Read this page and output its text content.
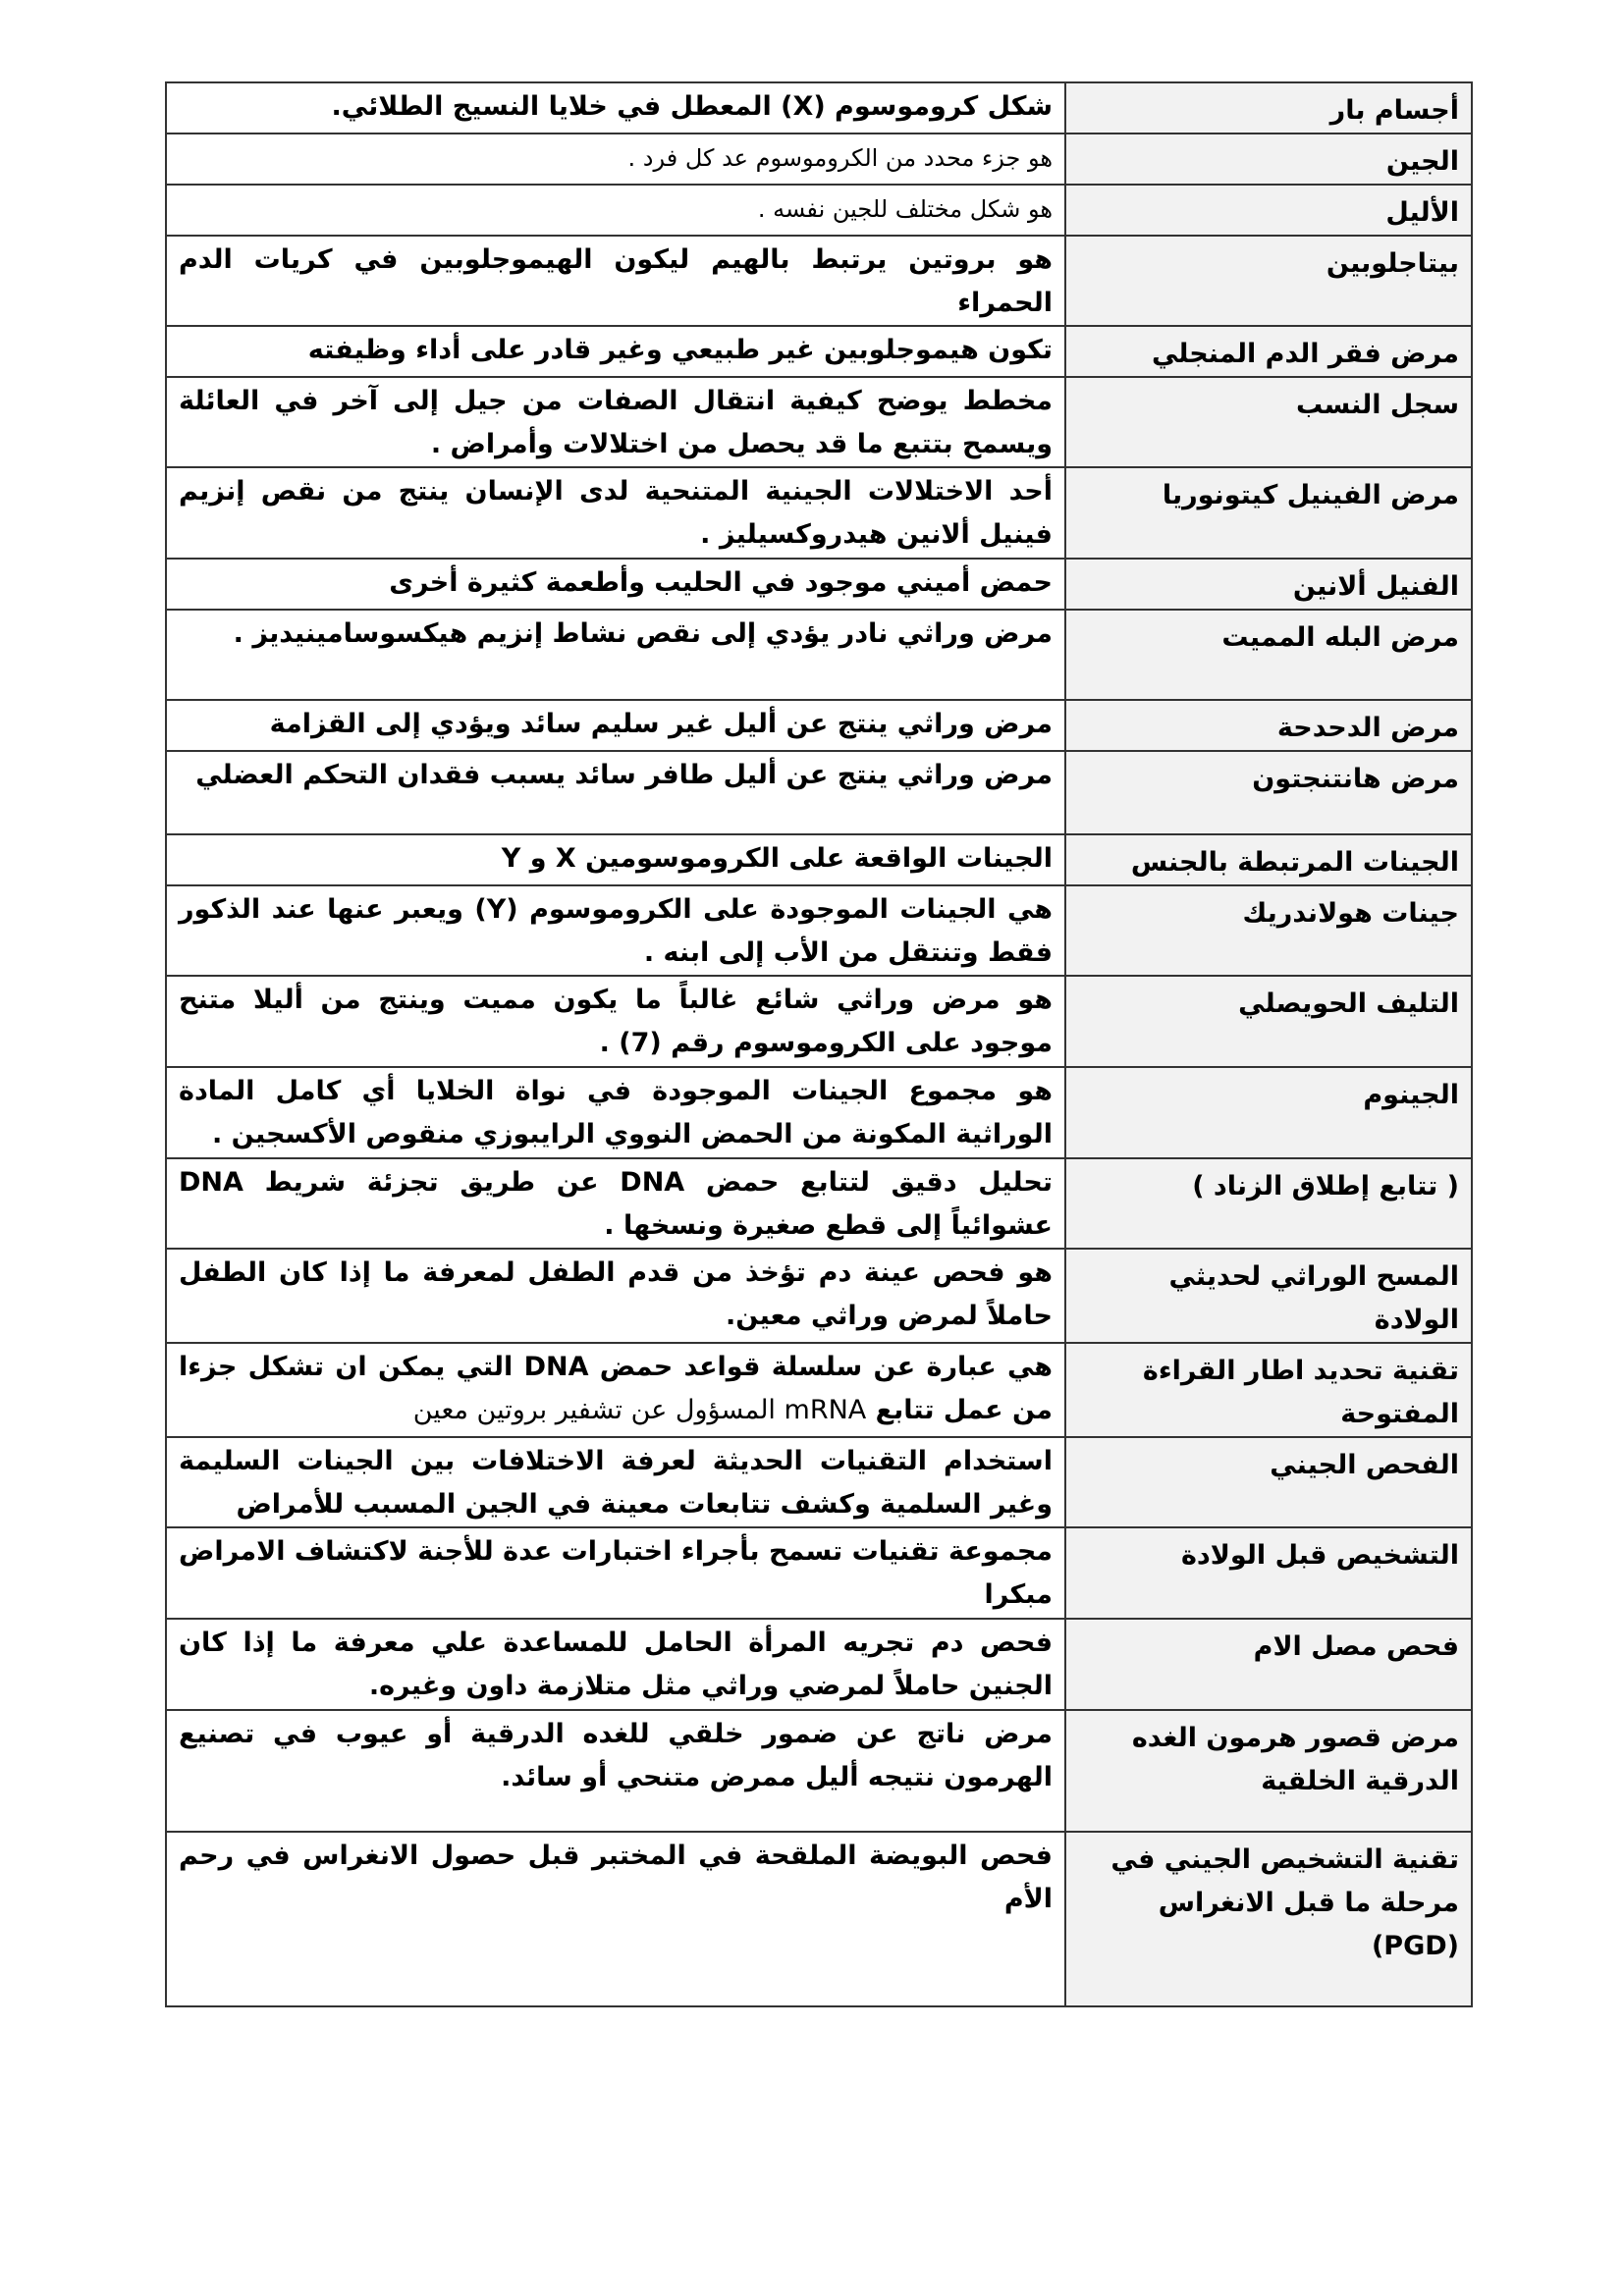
أجسام بار	شكل كروموسوم (X) المعطل في خلايا النسيج الطلائي.
الجين	هو جزء محدد من الكروموسوم عد كل فرد .
الأليل	هو شكل مختلف للجين نفسه .
بيتاجلوبين	هو بروتين يرتبط بالهيم ليكون الهيموجلوبين في كريات الدم الحمراء
مرض فقر الدم المنجلي	تكون هيموجلوبين غير طبيعي وغير قادر على أداء وظيفته
سجل النسب	مخطط يوضح كيفية انتقال الصفات من جيل إلى آخر في العائلة ويسمح بتتبع ما قد يحصل من اختلالات وأمراض .
مرض الفينيل كيتونوريا	أحد الاختلالات الجينية المتنحية لدى الإنسان ينتج من نقص إنزيم فينيل ألانين هيدروكسيليز .
الفنيل ألانين	حمض أميني موجود في الحليب وأطعمة كثيرة أخرى
مرض البله المميت	مرض وراثي نادر يؤدي إلى نقص نشاط إنزيم هيكسوسامينيديز .
مرض الدحدحة	مرض وراثي ينتج عن أليل غير سليم سائد ويؤدي إلى القزامة
مرض هانتنجتون	مرض وراثي ينتج عن أليل طافر سائد يسبب فقدان التحكم العضلي
الجينات المرتبطة بالجنس	الجينات الواقعة على الكروموسومين X و Y
جينات هولاندريك	هي الجينات الموجودة على الكروموسوم (Y) ويعبر عنها عند الذكور فقط وتنتقل من الأب إلى ابنه .
التليف الحويصلي	هو مرض وراثي شائع غالباً ما يكون مميت وينتج من أليلا متنح موجود على الكروموسوم رقم (7) .
الجينوم	هو مجموع الجينات الموجودة في نواة الخلايا أي كامل المادة الوراثية المكونة من الحمض النووي الرايبوزي منقوص الأكسجين .
( تتابع إطلاق الزناد )	تحليل دقيق لتتابع حمض DNA عن طريق تجزئة شريط DNA عشوائياً إلى قطع صغيرة ونسخها .
المسح الوراثي لحديثي الولادة	هو فحص عينة دم تؤخذ من قدم الطفل لمعرفة ما إذا كان الطفل حاملاً لمرض وراثي معين.
تقنية تحديد اطار القراءة المفتوحة	هي عبارة عن سلسلة قواعد حمض DNA التي يمكن ان تشكل جزءا من عمل تتابع mRNA المسؤول عن تشفير بروتين معين
الفحص الجيني	استخدام التقنيات الحديثة لعرفة الاختلافات بين الجينات السليمة وغير السلمية وكشف تتابعات معينة في الجين المسبب للأمراض
التشخيص قبل الولادة	مجموعة تقنيات تسمح بأجراء اختبارات عدة للأجنة لاكتشاف الامراض مبكرا
فحص مصل الام	فحص دم تجريه المرأة الحامل للمساعدة علي معرفة ما إذا كان الجنين حاملاً لمرضي وراثي مثل متلازمة داون وغيره.
مرض قصور هرمون الغده الدرقية الخلقية	مرض ناتج عن ضمور خلقي للغده الدرقية أو عيوب في تصنيع الهرمون نتيجه أليل ممرض متنحي أو سائد.
تقنية التشخيص الجيني في مرحلة ما قبل الانغراس (PGD)	فحص البويضة الملقحة في المختبر قبل حصول الانغراس في رحم الأم
